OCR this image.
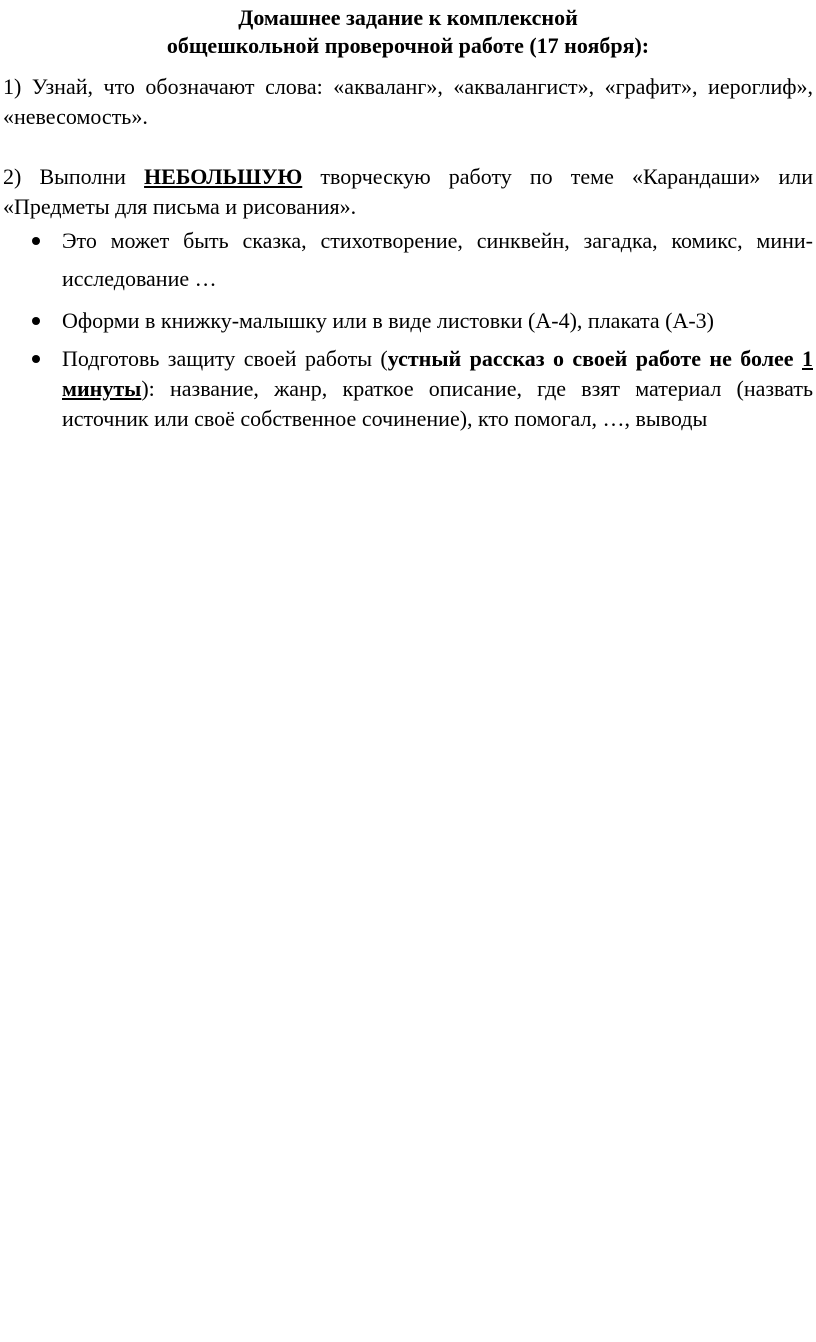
Домашнее задание к комплексной
общешкольной проверочной работе (17 ноября):

1) Узнай, что обозначают слова: «акваланг», «аквалангист», «графит», иероглиф», «невесомость».

2) Выполни НЕБОЛЬШУЮ творческую работу по теме «Карандаши» или «Предметы для письма и рисования».

Это может быть сказка, стихотворение, синквейн, загадка, комикс, мини-исследование …
Оформи в книжку-малышку или в виде листовки (А-4), плаката (А-3)
Подготовь защиту своей работы (устный рассказ о своей работе не более 1 минуты): название, жанр, краткое описание, где взят материал (назвать источник или своё собственное сочинение), кто помогал, …, выводы
